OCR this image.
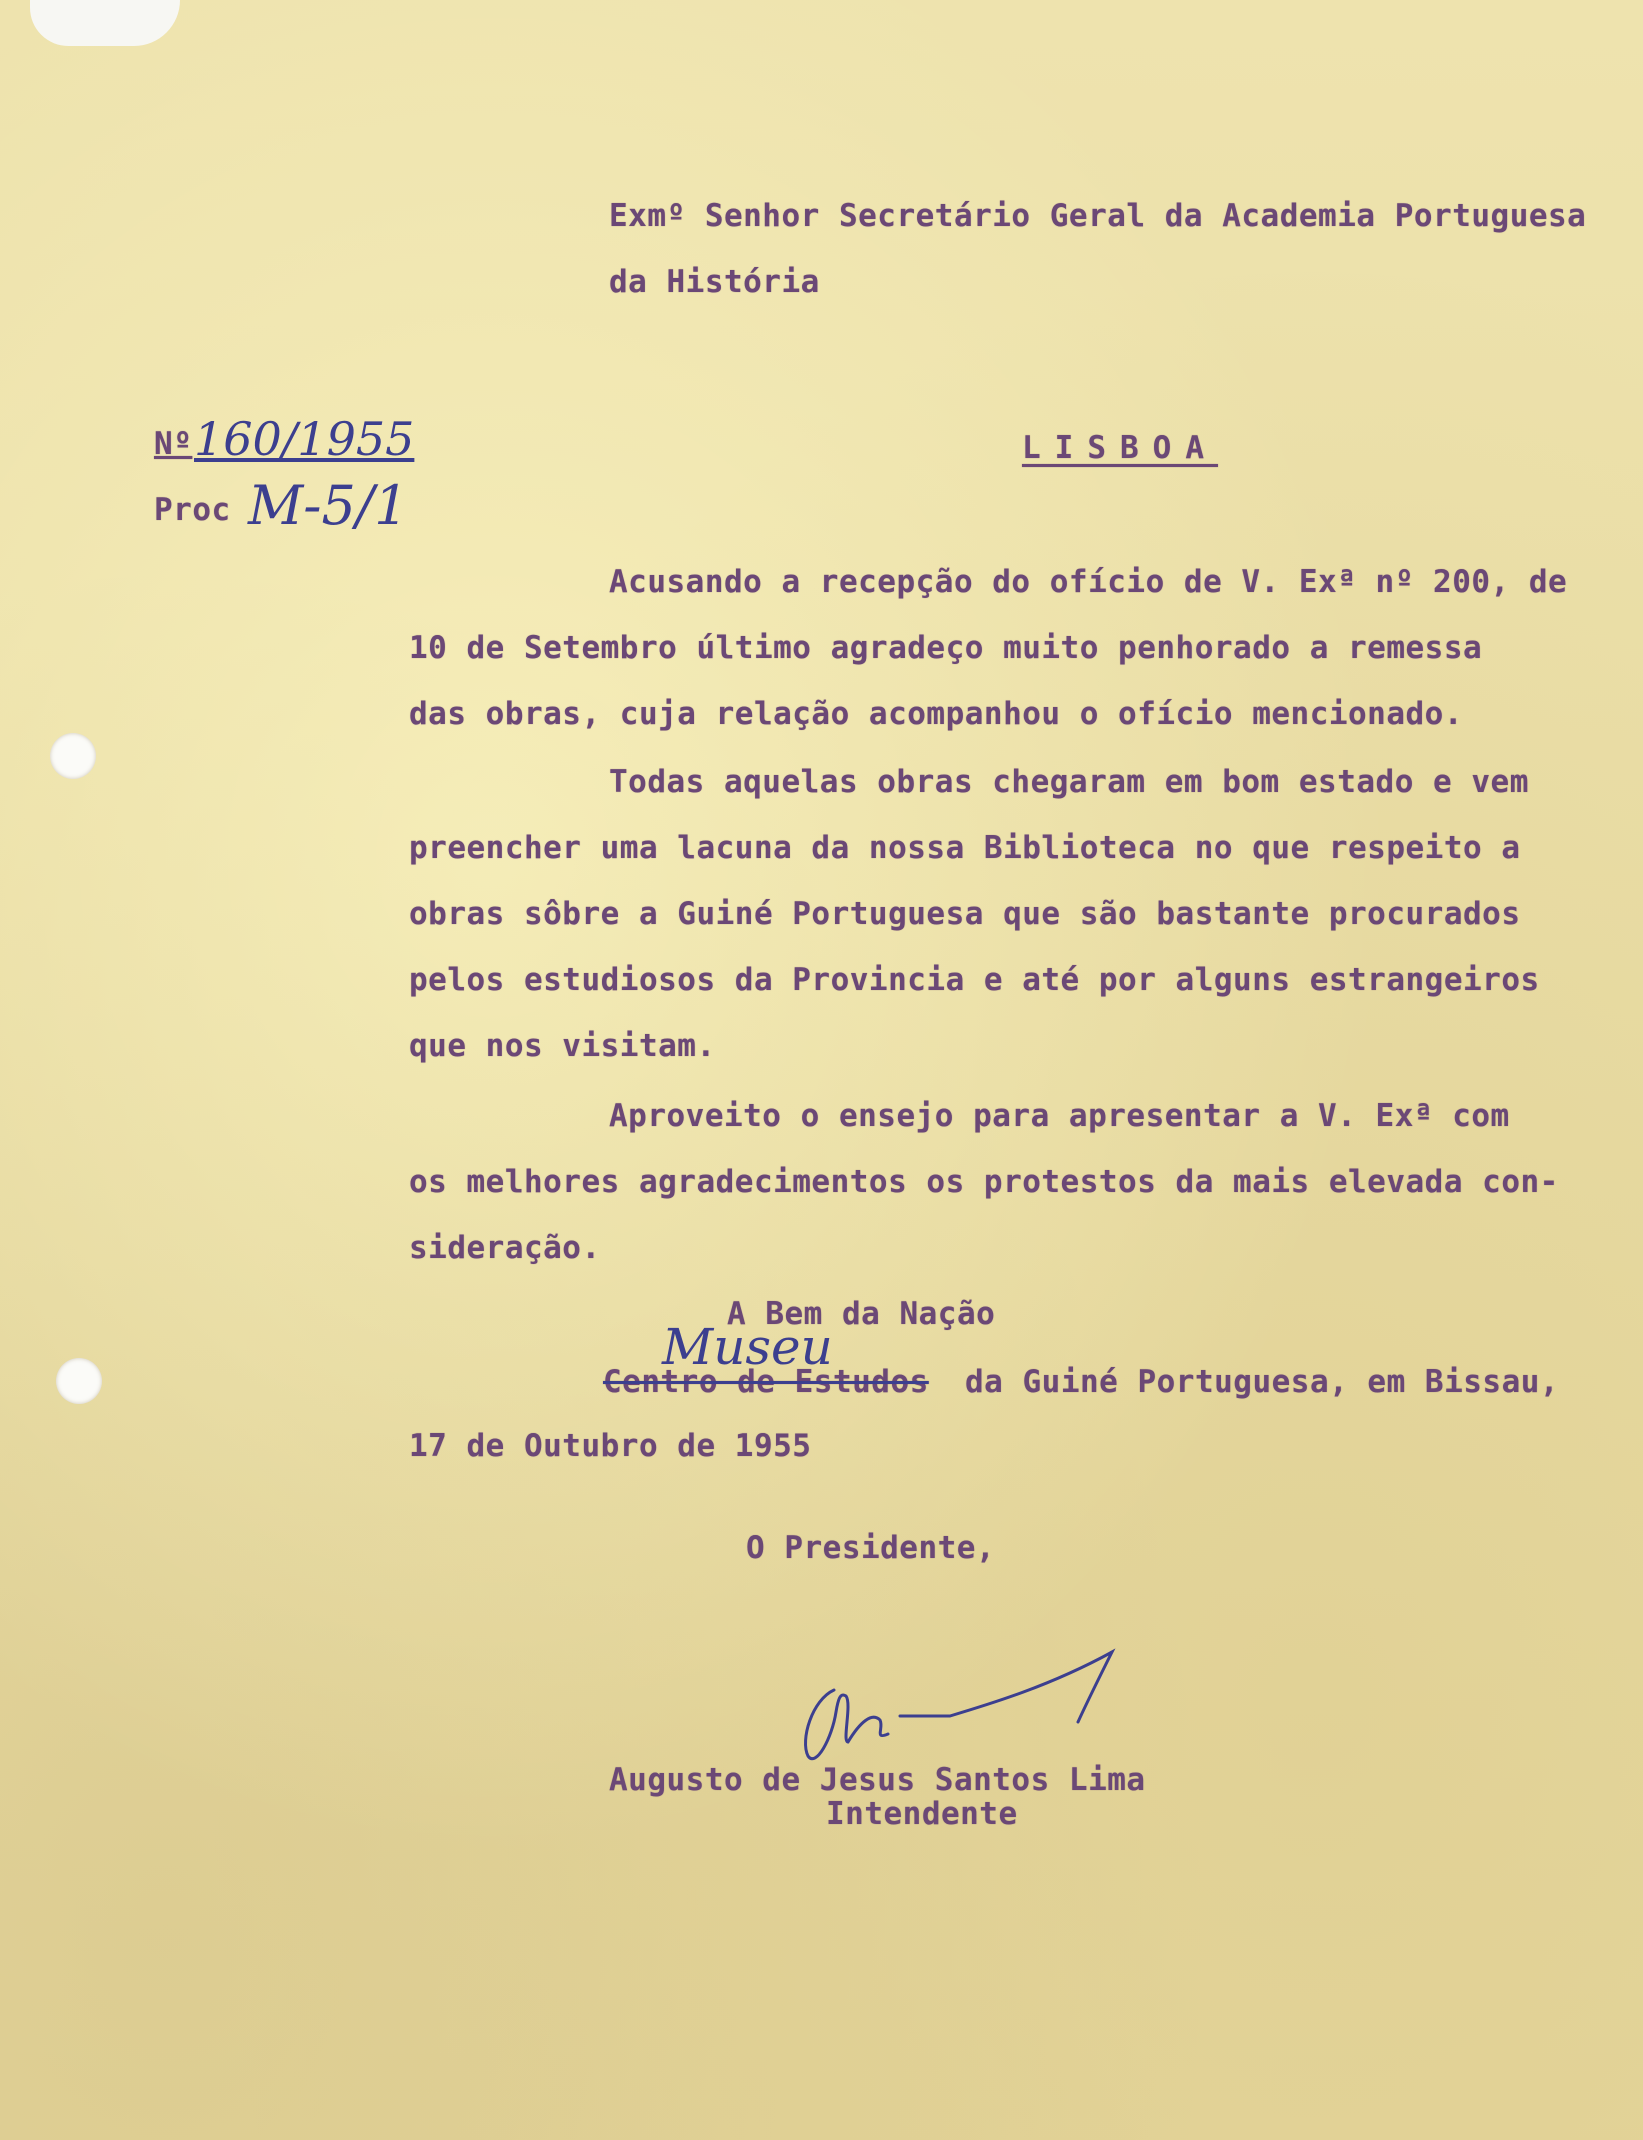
Exmº Senhor Secretário Geral da Academia Portuguesa
da História
Nº 160/1955
Proc M-5/1
LISBOA
Acusando a recepção do ofício de V. Exª nº 200, de
10 de Setembro último agradeço muito penhorado a remessa
das obras, cuja relação acompanhou o ofício mencionado.
Todas aquelas obras chegaram em bom estado e vem
preencher uma lacuna da nossa Biblioteca no que respeito a
obras sôbre a Guiné Portuguesa que são bastante procurados
pelos estudiosos da Provincia e até por alguns estrangeiros
que nos visitam.
Aproveito o ensejo para apresentar a V. Exª com
os melhores agradecimentos os protestos da mais elevada con-
sideração.
A Bem da Nação
Museu
Centro de Estudos da Guiné Portuguesa, em Bissau,
17 de Outubro de 1955
O Presidente,
Augusto de Jesus Santos Lima
Intendente
